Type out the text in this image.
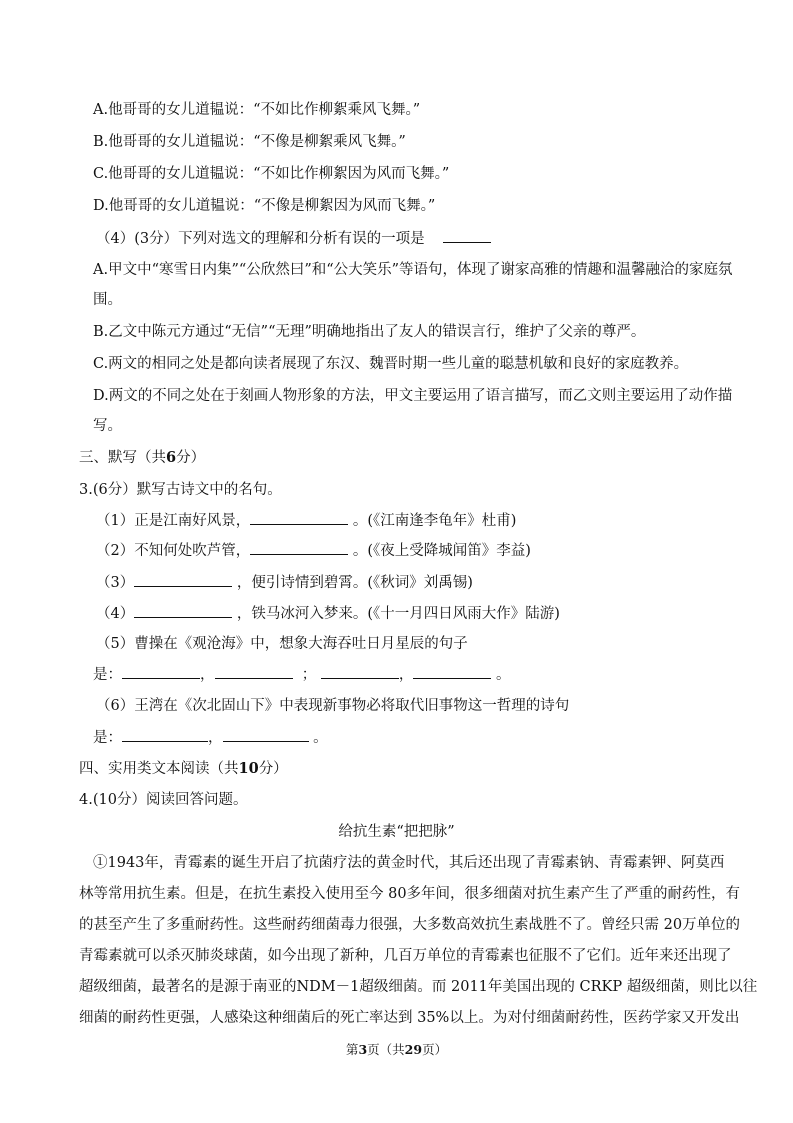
A.他哥哥的女儿道韫说：“不如比作柳絮乘风飞舞。”
B.他哥哥的女儿道韫说：“不像是柳絮乘风飞舞。”
C.他哥哥的女儿道韫说：“不如比作柳絮因为风而飞舞。”
D.他哥哥的女儿道韫说：“不像是柳絮因为风而飞舞。”
（4）(3分）下列对选文的理解和分析有误的一项是
A.甲文中“寒雪日内集”“公欣然曰”和“公大笑乐”等语句，体现了谢家高雅的情趣和温馨融洽的家庭氛
围。
B.乙文中陈元方通过“无信”“无理”明确地指出了友人的错误言行，维护了父亲的尊严。
C.两文的相同之处是都向读者展现了东汉、魏晋时期一些儿童的聪慧机敏和良好的家庭教养。
D.两文的不同之处在于刻画人物形象的方法，甲文主要运用了语言描写，而乙文则主要运用了动作描
写。
三、默写（共6分）
3.(6分）默写古诗文中的名句。
（1）正是江南好风景，	。(《江南逢李龟年》杜甫)
（2）不知何处吹芦管，	。(《夜上受降城闻笛》李益)
（3）	，便引诗情到碧霄。(《秋词》刘禹锡)
（4）	，铁马冰河入梦来。(《十一月四日风雨大作》陆游)
（5）曹操在《观沧海》中，想象大海吞吐日月星辰的句子
是：	，	；	，	。
（6）王湾在《次北固山下》中表现新事物必将取代旧事物这一哲理的诗句
是：	，	。
四、实用类文本阅读（共10分）
4.(10分）阅读回答问题。
给抗生素“把把脉”
①1943年，青霉素的诞生开启了抗菌疗法的黄金时代，其后还出现了青霉素钠、青霉素钾、阿莫西
林等常用抗生素。但是，在抗生素投入使用至今 80多年间，很多细菌对抗生素产生了严重的耐药性，有
的甚至产生了多重耐药性。这些耐药细菌毒力很强，大多数高效抗生素战胜不了。曾经只需 20万单位的
青霉素就可以杀灭肺炎球菌，如今出现了新种，几百万单位的青霉素也征服不了它们。近年来还出现了
超级细菌，最著名的是源于南亚的NDM－1超级细菌。而 2011年美国出现的 CRKP 超级细菌，则比以往
细菌的耐药性更强，人感染这种细菌后的死亡率达到 35%以上。为对付细菌耐药性，医药学家又开发出
第3页（共29页）
